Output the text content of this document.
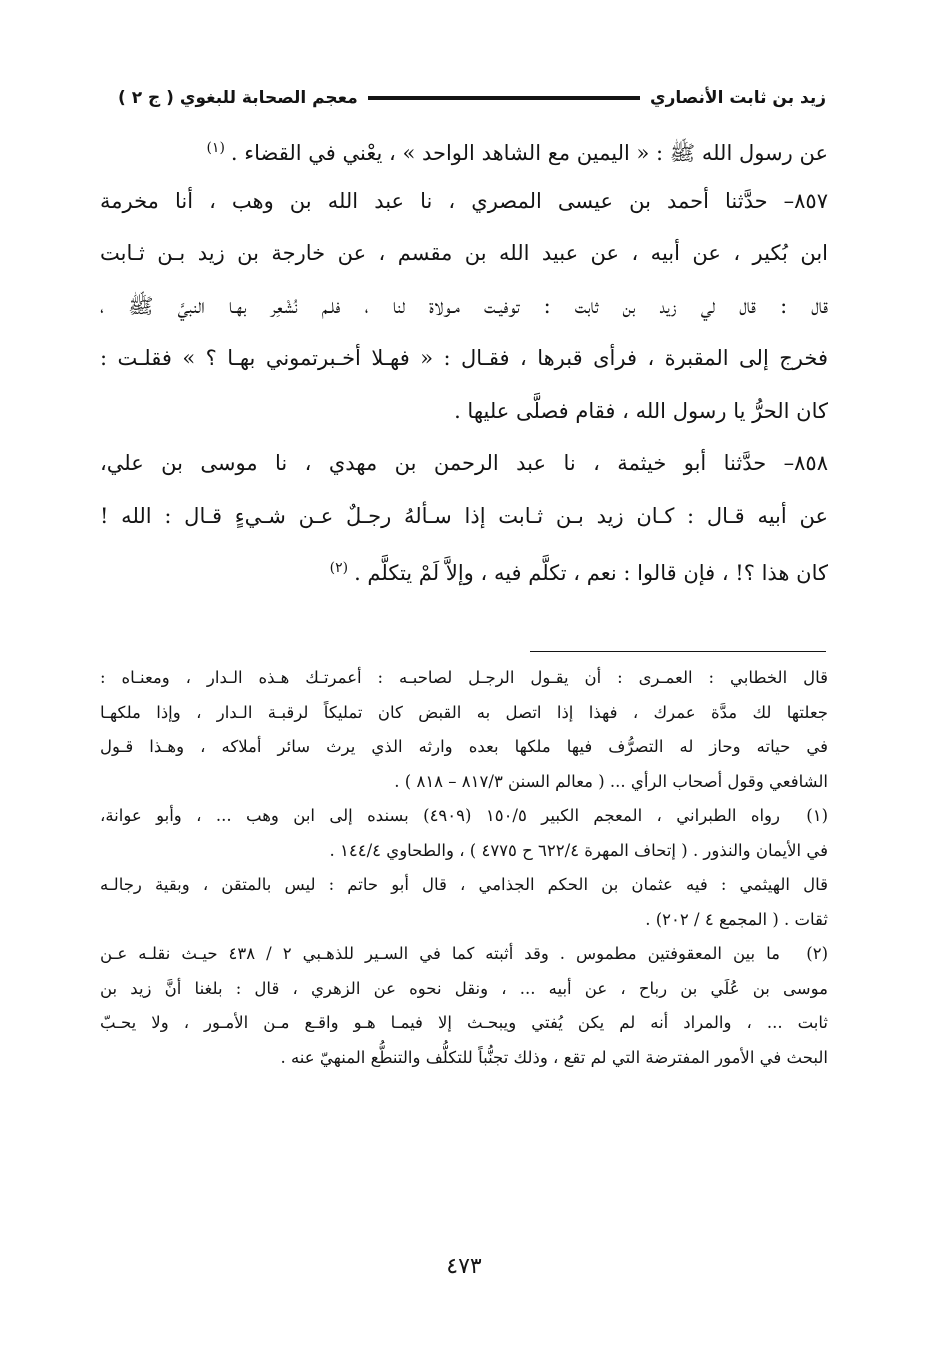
زيد بن ثابت الأنصاري
معجم الصحابة للبغوي ( ج ٢ )
عن رسول الله ﷺ : « اليمين مع الشاهد الواحد » ، يعْني في القضاء .$^{(١)}$
٨٥٧– حدَّثنا أحمد بن عيسى المصري ، نا عبد الله بن وهب ، أنا مخرمة
ابن بُكير ، عن أبيه ، عن عبيد الله بن مقسم ، عن خارجة بن زيد بـن ثـابت
قال : قال لي زيد بن ثابت : توفيـت مـولاة لنا ، فلـم نُشْعِر بهـا النبيَّ ﷺ ،
فخرج إلى المقبرة ، فرأى قبرها ، فقـال : « فهـلا أخـبرتموني بهـا ؟ » فقلـت :
كان الحرُّ يا رسول الله ، فقام فصلَّى عليها .
٨٥٨– حدَّثنا أبو خيثمة ، نا عبد الرحمن بن مهدي ، نا موسى بن علي،
عن أبيه قـال : كـان زيد بـن ثـابت إذا سـألهُ رجـلٌ عـن شـيءٍ قـال : الله !
كان هذا ؟! ، فإن قالوا : نعم ، تكلَّم فيه ، وإلاَّ لَمْ يتكلَّم .$^{(٢)}$
قال الخطابي : العمـرى : أن يقـول الرجـل لصاحبـه : أعمرتـك هـذه الـدار ، ومعنـاه :
جعلتها لك مدَّة عمرك ، فهذا إذا اتصل به القبض كان تمليكاً لرقبـة الـدار ، وإذا ملكهـا
في حياته وحاز له التصرُّف فيها ملكها بعده وارثه الذي يرث سائر أملاكه ، وهـذا قـول
الشافعي وقول أصحاب الرأي ... ( معالم السنن ٨١٧/٣ – ٨١٨ ) .
(١)
رواه الطبراني ، المعجم الكبير ١٥٠/٥ (٤٩٠٩) بسنده إلى ابن وهب ... ، وأبو عوانة،
في الأيمان والنذور . ( إتحاف المهرة ٦٢٢/٤ ح ٤٧٧٥ ) ، والطحاوي ١٤٤/٤ .
قال الهيثمي : فيه عثمان بن الحكم الجذامي ، قال أبو حاتم : ليس بالمتقن ، وبقية رجالـه
ثقات . ( المجمع ٤ / ٢٠٢) .
(٢)
ما بين المعقوفتين مطموس . وقد أثبته كما في السـير للذهـبي ٢ / ٤٣٨ حيـث نقلـه عـن
موسى بن عُلَي بن رباح ، عن أبيه ... ، ونقل نحوه عن الزهري ، قال : بلغنا أنَّ زيد بن
ثابت ... ، والمراد أنه لم يكن يُفتي ويبحـث إلا فيمـا هـو واقـع مـن الأمـور ، ولا يحـبّ
البحث في الأمور المفترضة التي لم تقع ، وذلك تجنُّباً للتكلُّف والتنطُّع المنهيّ عنه .
٤٧٣
